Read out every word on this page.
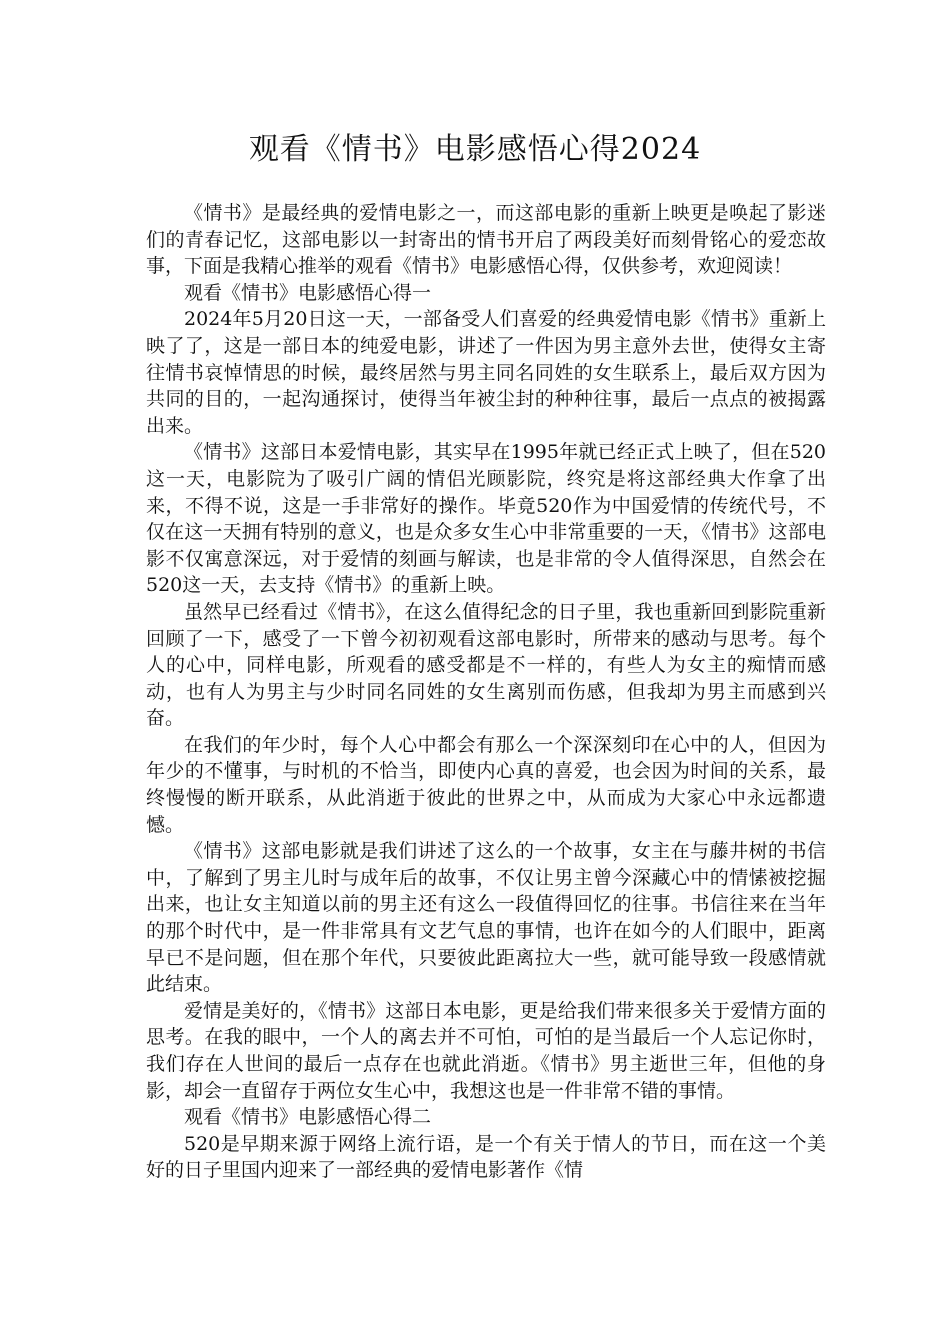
观看《情书》电影感悟心得2024

《情书》是最经典的爱情电影之一，而这部电影的重新上映更是唤起了影迷们的青春记忆，这部电影以一封寄出的情书开启了两段美好而刻骨铭心的爱恋故事，下面是我精心推举的观看《情书》电影感悟心得，仅供参考，欢迎阅读！

观看《情书》电影感悟心得一

2024年5月20日这一天，一部备受人们喜爱的经典爱情电影《情书》重新上映了了，这是一部日本的纯爱电影，讲述了一件因为男主意外去世，使得女主寄往情书哀悼情思的时候，最终居然与男主同名同姓的女生联系上，最后双方因为共同的目的，一起沟通探讨，使得当年被尘封的种种往事，最后一点点的被揭露出来。

《情书》这部日本爱情电影，其实早在1995年就已经正式上映了，但在520这一天，电影院为了吸引广阔的情侣光顾影院，终究是将这部经典大作拿了出来，不得不说，这是一手非常好的操作。毕竟520作为中国爱情的传统代号，不仅在这一天拥有特别的意义，也是众多女生心中非常重要的一天，《情书》这部电影不仅寓意深远，对于爱情的刻画与解读，也是非常的令人值得深思，自然会在520这一天，去支持《情书》的重新上映。

虽然早已经看过《情书》，在这么值得纪念的日子里，我也重新回到影院重新回顾了一下，感受了一下曾今初初观看这部电影时，所带来的感动与思考。每个人的心中，同样电影，所观看的感受都是不一样的，有些人为女主的痴情而感动，也有人为男主与少时同名同姓的女生离别而伤感，但我却为男主而感到兴奋。

在我们的年少时，每个人心中都会有那么一个深深刻印在心中的人，但因为年少的不懂事，与时机的不恰当，即使内心真的喜爱，也会因为时间的关系，最终慢慢的断开联系，从此消逝于彼此的世界之中，从而成为大家心中永远都遗憾。

《情书》这部电影就是我们讲述了这么的一个故事，女主在与藤井树的书信中，了解到了男主儿时与成年后的故事，不仅让男主曾今深藏心中的情愫被挖掘出来，也让女主知道以前的男主还有这么一段值得回忆的往事。书信往来在当年的那个时代中，是一件非常具有文艺气息的事情，也许在如今的人们眼中，距离早已不是问题，但在那个年代，只要彼此距离拉大一些，就可能导致一段感情就此结束。

爱情是美好的，《情书》这部日本电影，更是给我们带来很多关于爱情方面的思考。在我的眼中，一个人的离去并不可怕，可怕的是当最后一个人忘记你时，我们存在人世间的最后一点存在也就此消逝。《情书》男主逝世三年，但他的身影，却会一直留存于两位女生心中，我想这也是一件非常不错的事情。

观看《情书》电影感悟心得二

520是早期来源于网络上流行语，是一个有关于情人的节日，而在这一个美好的日子里国内迎来了一部经典的爱情电影著作《情
